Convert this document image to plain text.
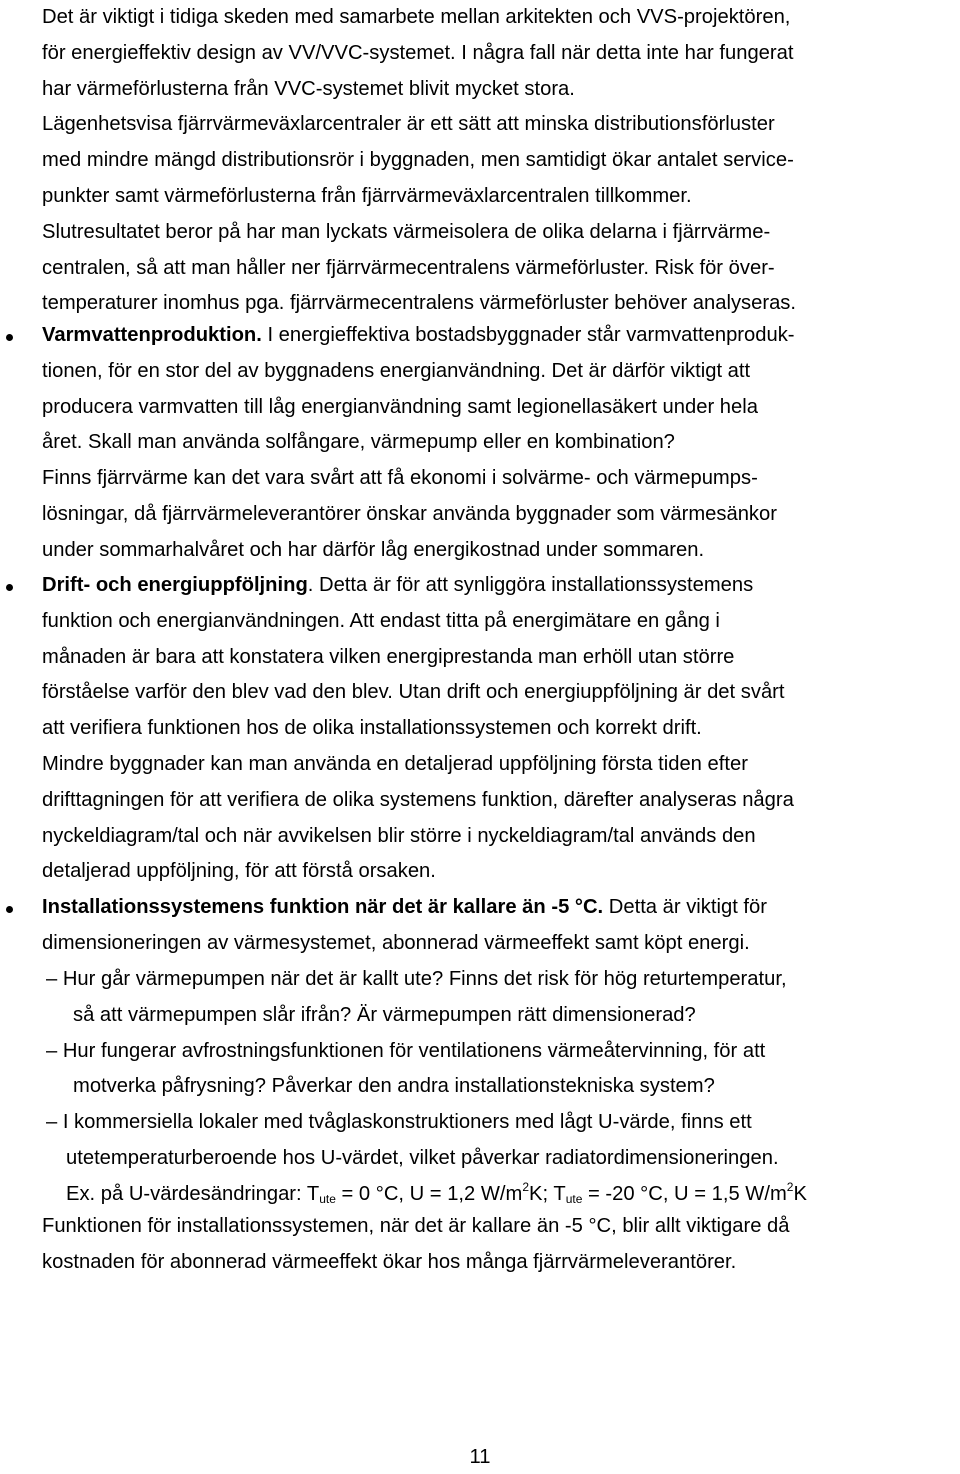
Det är viktigt i tidiga skeden med samarbete mellan arkitekten och VVS-projektören,
för energieffektiv design av VV/VVC-systemet. I några fall när detta inte har fungerat
har värmeförlusterna från VVC-systemet blivit mycket stora.
Lägenhetsvisa fjärrvärmeväxlarcentraler är ett sätt att minska distributionsförluster
med mindre mängd distributionsrör i byggnaden, men samtidigt ökar antalet service-
punkter samt värmeförlusterna från fjärrvärmeväxlarcentralen tillkommer.
Slutresultatet beror på har man lyckats värmeisolera de olika delarna i fjärrvärme-
centralen, så att man håller ner fjärrvärmecentralens värmeförluster. Risk för över-
temperaturer inomhus pga. fjärrvärmecentralens värmeförluster behöver analyseras.
Varmvattenproduktion. I energieffektiva bostadsbyggnader står varmvattenproduk-
tionen, för en stor del av byggnadens energianvändning. Det är därför viktigt att
producera varmvatten till låg energianvändning samt legionellasäkert under hela
året. Skall man använda solfångare, värmepump eller en kombination?
Finns fjärrvärme kan det vara svårt att få ekonomi i solvärme- och värmepumps-
lösningar, då fjärrvärmeleverantörer önskar använda byggnader som värmesänkor
under sommarhalvåret och har därför låg energikostnad under sommaren.
Drift- och energiuppföljning. Detta är för att synliggöra installationssystemens
funktion och energianvändningen. Att endast titta på energimätare en gång i
månaden är bara att konstatera vilken energiprestanda man erhöll utan större
förståelse varför den blev vad den blev. Utan drift och energiuppföljning är det svårt
att verifiera funktionen hos de olika installationssystemen och korrekt drift.
Mindre byggnader kan man använda en detaljerad uppföljning första tiden efter
drifttagningen för att verifiera de olika systemens funktion, därefter analyseras några
nyckeldiagram/tal och när avvikelsen blir större i nyckeldiagram/tal används den
detaljerad uppföljning, för att förstå orsaken.
Installationssystemens funktion när det är kallare än -5 °C. Detta är viktigt för
dimensioneringen av värmesystemet, abonnerad värmeeffekt samt köpt energi.
– Hur går värmepumpen när det är kallt ute? Finns det risk för hög returtemperatur,
så att värmepumpen slår ifrån? Är värmepumpen rätt dimensionerad?
– Hur fungerar avfrostningsfunktionen för ventilationens värmeåtervinning, för att
motverka påfrysning? Påverkar den andra installationstekniska system?
– I kommersiella lokaler med tvåglaskonstruktioners med lågt U-värde, finns ett
utetemperaturberoende hos U-värdet, vilket påverkar radiatordimensioneringen.
Ex. på U-värdesändringar: $T_{ute} = 0$ °C, U = 1,2 $W/m^2K$; $T_{ute} = -20$ °C, U = 1,5 $W/m^2K$
Funktionen för installationssystemen, när det är kallare än -5 °C, blir allt viktigare då
kostnaden för abonnerad värmeeffekt ökar hos många fjärrvärmeleverantörer.
11
